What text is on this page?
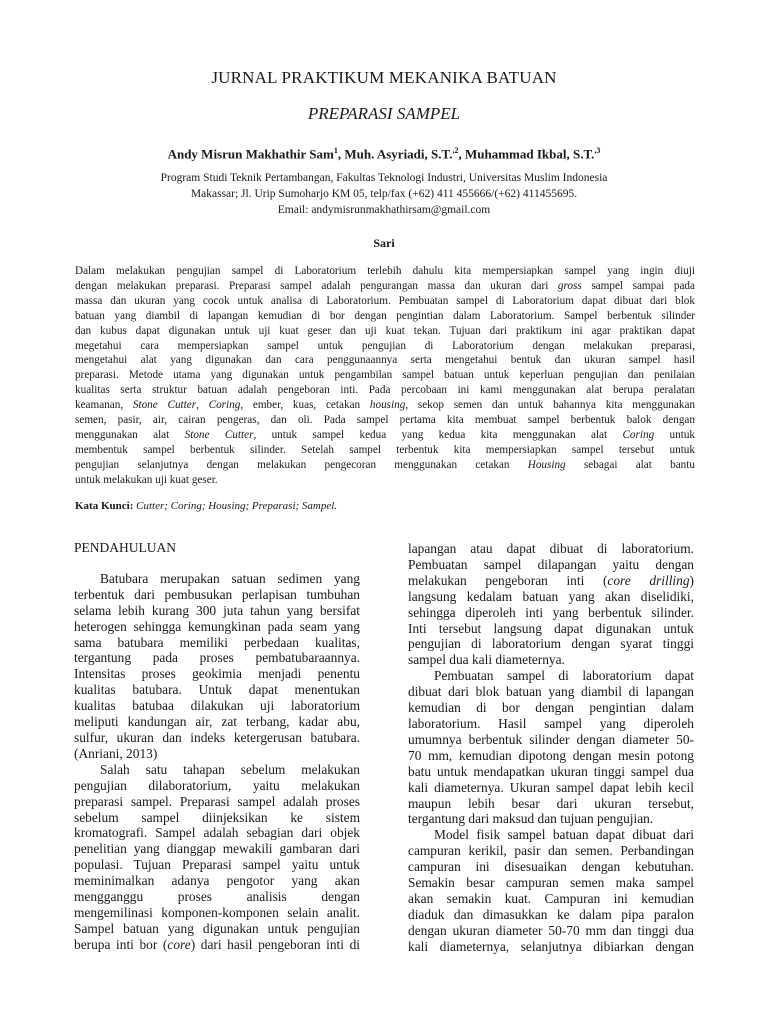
JURNAL PRAKTIKUM MEKANIKA BATUAN
PREPARASI SAMPEL
Andy Misrun Makhathir Sam$^1$, Muh. Asyriadi, S.T.$^{,2}$, Muhammad Ikbal, S.T.$^{,3}$
Program Studi Teknik Pertambangan, Fakultas Teknologi Industri, Universitas Muslim Indonesia
Makassar; Jl. Urip Sumoharjo KM 05, telp/fax (+62) 411 455666/(+62) 411455695.
Email: andymisrunmakhathirsam@gmail.com
Sari

Dalam melakukan pengujian sampel di Laboratorium terlebih dahulu kita mempersiapkan sampel yang ingin diuji

dengan melakukan preparasi. Preparasi sampel adalah pengurangan massa dan ukuran dari gross sampel sampai pada

massa dan ukuran yang cocok untuk analisa di Laboratorium. Pembuatan sampel di Laboratorium dapat dibuat dari blok

batuan yang diambil di lapangan kemudian di bor dengan pengintian dalam Laboratorium. Sampel berbentuk silinder

dan kubus dapat digunakan untuk uji kuat geser dan uji kuat tekan. Tujuan dari praktikum ini agar praktikan dapat

megetahui cara mempersiapkan sampel untuk pengujian di Laboratorium dengan melakukan preparasi,

mengetahui alat yang digunakan dan cara penggunaannya serta mengetahui bentuk dan ukuran sampel hasil

preparasi. Metode utama yang digunakan untuk pengambilan sampel batuan untuk keperluan pengujian dan penilaian

kualitas serta struktur batuan adalah pengeboran inti. Pada percobaan ini kami menggunakan alat berupa peralatan

keamanan, Stone Cutter, Coring, ember, kuas, cetakan housing, sekop semen dan untuk bahannya kita menggunakan

semen, pasir, air, cairan pengeras, dan oli. Pada sampel pertama kita membuat sampel berbentuk balok dengan

menggunakan alat Stone Cutter, untuk sampel kedua yang kedua kita menggunakan alat Coring untuk

membentuk sampel berbentuk silinder. Setelah sampel terbentuk kita mempersiapkan sampel tersebut untuk

pengujian selanjutnya dengan melakukan pengecoran menggunakan cetakan Housing sebagai alat bantu

untuk melakukan uji kuat geser.

Kata Kunci: Cutter; Coring; Housing; Preparasi; Sampel.
PENDAHULUAN

Batubara merupakan satuan sedimen yang

terbentuk dari pembusukan perlapisan tumbuhan

selama lebih kurang 300 juta tahun yang bersifat

heterogen sehingga kemungkinan pada seam yang

sama batubara memiliki perbedaan kualitas,

tergantung pada proses pembatubaraannya.

Intensitas proses geokimia menjadi penentu

kualitas batubara. Untuk dapat menentukan

kualitas batubaa dilakukan uji laboratorium

meliputi kandungan air, zat terbang, kadar abu,

sulfur, ukuran dan indeks ketergerusan batubara.

(Anriani, 2013)

Salah satu tahapan sebelum melakukan

pengujian dilaboratorium, yaitu melakukan

preparasi sampel. Preparasi sampel adalah proses

sebelum sampel diinjeksikan ke sistem

kromatografi. Sampel adalah sebagian dari objek

penelitian yang dianggap mewakili gambaran dari

populasi. Tujuan Preparasi sampel yaitu untuk

meminimalkan adanya pengotor yang akan

mengganggu proses analisis dengan

mengemilinasi komponen-komponen selain analit.

Sampel batuan yang digunakan untuk pengujian

berupa inti bor (core) dari hasil pengeboran inti di

lapangan atau dapat dibuat di laboratorium.

Pembuatan sampel dilapangan yaitu dengan

melakukan pengeboran inti (core drilling)

langsung kedalam batuan yang akan diselidiki,

sehingga diperoleh inti yang berbentuk silinder.

Inti tersebut langsung dapat digunakan untuk

pengujian di laboratorium dengan syarat tinggi

sampel dua kali diameternya.

Pembuatan sampel di laboratorium dapat

dibuat dari blok batuan yang diambil di lapangan

kemudian di bor dengan pengintian dalam

laboratorium. Hasil sampel yang diperoleh

umumnya berbentuk silinder dengan diameter 50-

70 mm, kemudian dipotong dengan mesin potong

batu untuk mendapatkan ukuran tinggi sampel dua

kali diameternya. Ukuran sampel dapat lebih kecil

maupun lebih besar dari ukuran tersebut,

tergantung dari maksud dan tujuan pengujian.

Model fisik sampel batuan dapat dibuat dari

campuran kerikil, pasir dan semen. Perbandingan

campuran ini disesuaikan dengan kebutuhan.

Semakin besar campuran semen maka sampel

akan semakin kuat. Campuran ini kemudian

diaduk dan dimasukkan ke dalam pipa paralon

dengan ukuran diameter 50-70 mm dan tinggi dua

kali diameternya, selanjutnya dibiarkan dengan
